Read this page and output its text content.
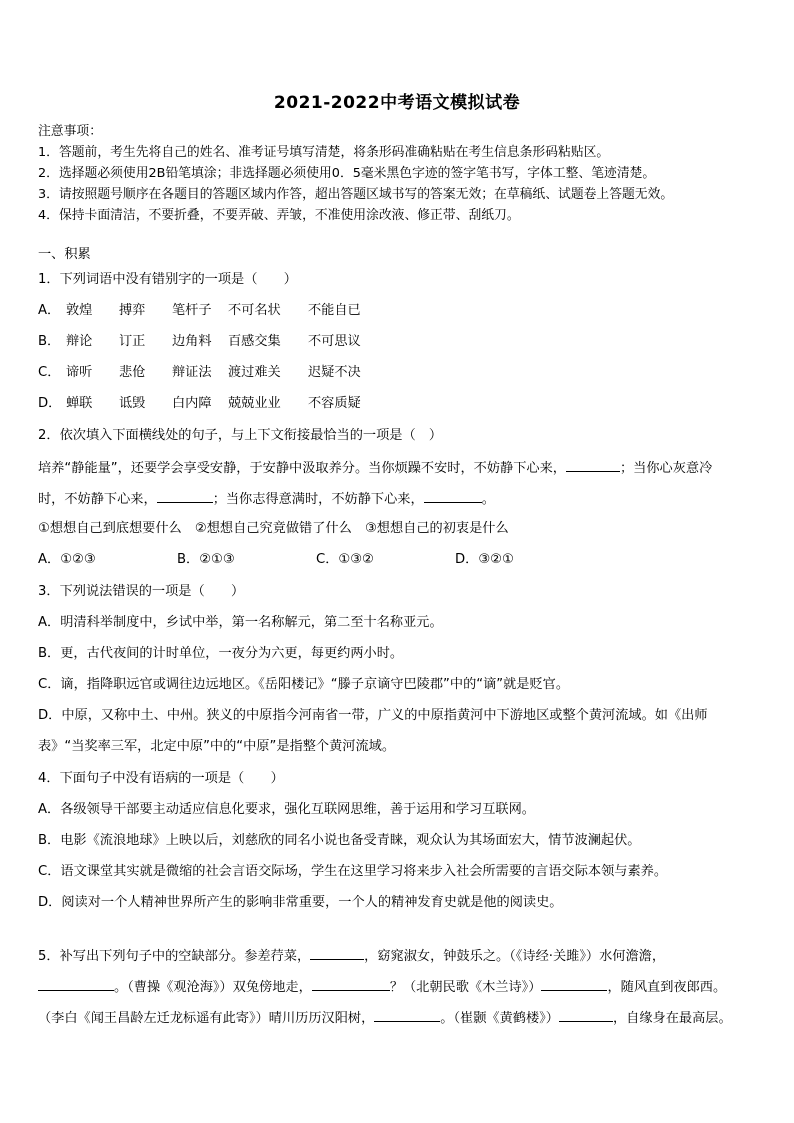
2021-2022中考语文模拟试卷
注意事项：
1．答题前，考生先将自己的姓名、准考证号填写清楚，将条形码准确粘贴在考生信息条形码粘贴区。
2．选择题必须使用2B铅笔填涂；非选择题必须使用0．5毫米黑色字迹的签字笔书写，字体工整、笔迹清楚。
3．请按照题号顺序在各题目的答题区域内作答，超出答题区域书写的答案无效；在草稿纸、试题卷上答题无效。
4．保持卡面清洁，不要折叠，不要弄破、弄皱，不准使用涂改液、修正带、刮纸刀。
一、积累
1．下列词语中没有错别字的一项是（　　）
A． 敦煌 搏弈 笔杆子 不可名状 不能自已
B． 辩论 订正 边角料 百感交集 不可思议
C． 谛听 悲伧 辩证法 渡过难关 迟疑不决
D． 蝉联 诋毁 白内障 兢兢业业 不容质疑
2．依次填入下面横线处的句子，与上下文衔接最恰当的一项是（　）
培养“静能量”，还要学会享受安静，于安静中汲取养分。当你烦躁不安时，不妨静下心来，	；当你心灰意冷
时，不妨静下心来，	；当你志得意满时，不妨静下心来，	。
①想想自己到底想要什么　②想想自己究竟做错了什么　③想想自己的初衷是什么
A．①②③	B．②①③	C．①③②	D．③②①
3．下列说法错误的一项是（　　）
A．明清科举制度中，乡试中举，第一名称解元，第二至十名称亚元。
B．更，古代夜间的计时单位，一夜分为六更，每更约两小时。
C．谪，指降职远官或调往边远地区。《岳阳楼记》“滕子京谪守巴陵郡”中的“谪”就是贬官。
D．中原，又称中土、中州。狭义的中原指今河南省一带，广义的中原指黄河中下游地区或整个黄河流域。如《出师
表》“当奖率三军，北定中原”中的“中原”是指整个黄河流域。
4．下面句子中没有语病的一项是（　　）
A．各级领导干部要主动适应信息化要求，强化互联网思维，善于运用和学习互联网。
B．电影《流浪地球》上映以后，刘慈欣的同名小说也备受青睐，观众认为其场面宏大，情节波澜起伏。
C．语文课堂其实就是微缩的社会言语交际场，学生在这里学习将来步入社会所需要的言语交际本领与素养。
D．阅读对一个人精神世界所产生的影响非常重要，一个人的精神发育史就是他的阅读史。
5．补写出下列句子中的空缺部分。参差荇菜，	，窈窕淑女，钟鼓乐之。（《诗经·关雎》）水何澹澹，
。（曹操《观沧海》）双兔傍地走，	？（北朝民歌《木兰诗》）	，随风直到夜郎西。
（李白《闻王昌龄左迁龙标遥有此寄》）晴川历历汉阳树，	。（崔颢《黄鹤楼》）	，自缘身在最高层。
